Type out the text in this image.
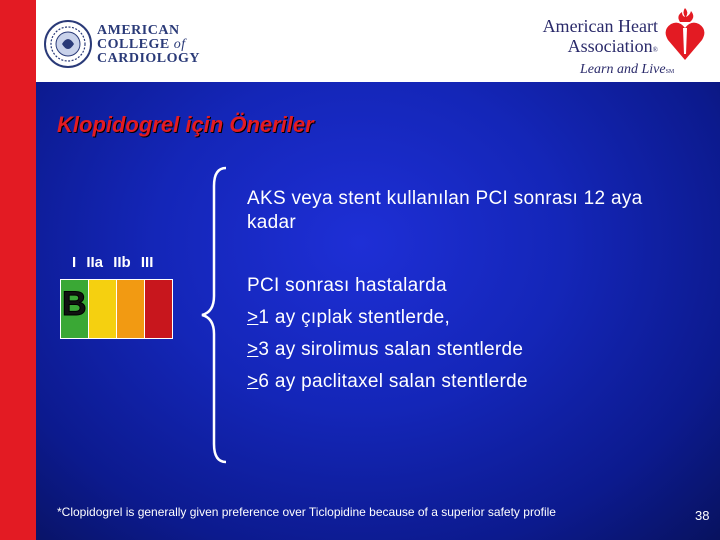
AMERICAN
COLLEGE of
CARDIOLOGY
American Heart
Association®
Learn and LiveSM
Klopidogrel için Öneriler
AKS veya stent kullanılan PCI sonrası 12 aya kadar
PCI sonrası hastalarda
≥1 ay çıplak stentlerde,
≥3 ay sirolimus salan stentlerde
≥6 ay paclitaxel salan stentlerde
I IIa IIb III
B
*Clopidogrel is generally given preference over Ticlopidine because of a superior safety profile	38
